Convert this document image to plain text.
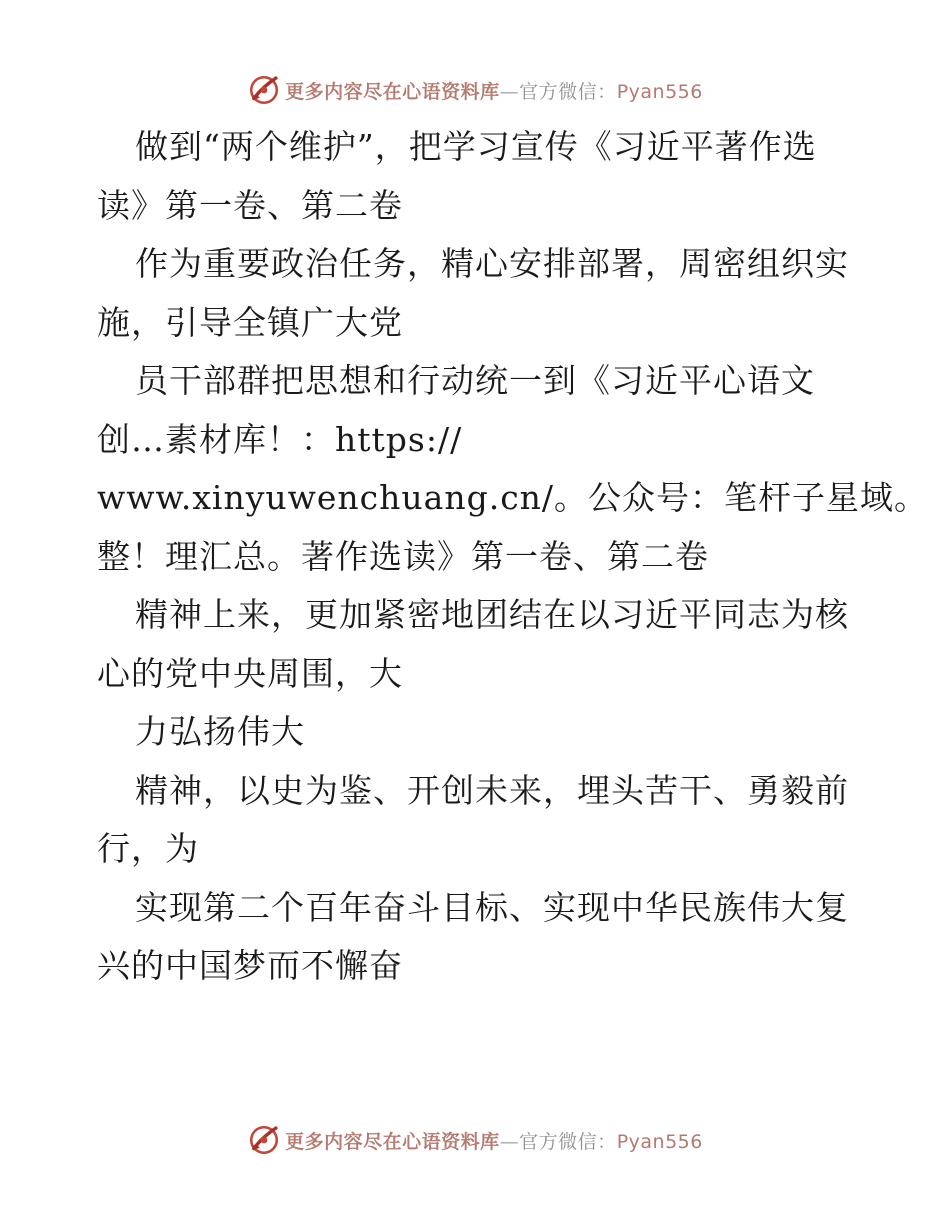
更多内容尽在心语资料库—官方微信：Pyan556
做到“两个维护”，把学习宣传《习近平著作选
读》第一卷、第二卷
作为重要政治任务，精心安排部署，周密组织实
施，引导全镇广大党
员干部群把思想和行动统一到《习近平心语文
创…素材库！：https://
www.xinyuwenchuang.cn/。公众号：笔杆子星域。
整！理汇总。著作选读》第一卷、第二卷
精神上来，更加紧密地团结在以习近平同志为核
心的党中央周围，大
力弘扬伟大
精神，以史为鉴、开创未来，埋头苦干、勇毅前
行，为
实现第二个百年奋斗目标、实现中华民族伟大复
兴的中国梦而不懈奋
更多内容尽在心语资料库—官方微信：Pyan556
